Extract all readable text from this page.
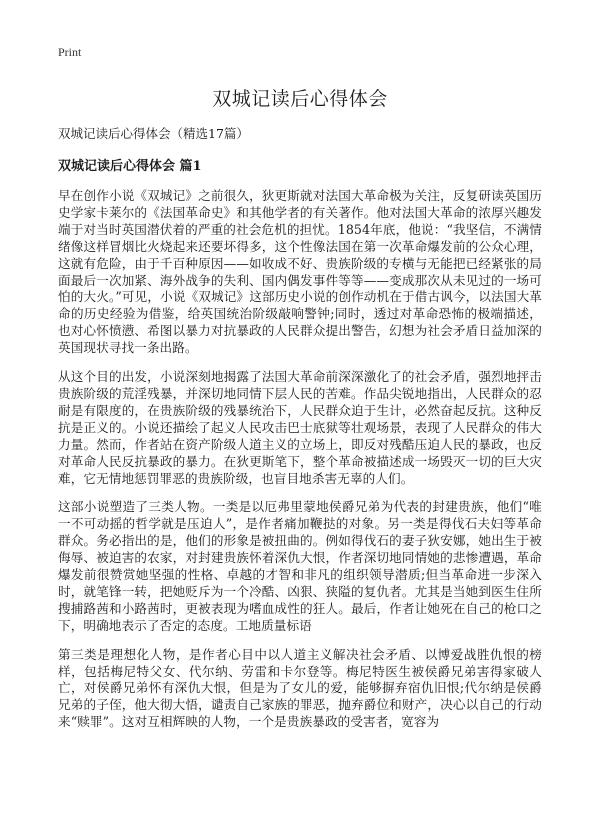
Print
双城记读后心得体会
双城记读后心得体会（精选17篇）
双城记读后心得体会 篇1

早在创作小说《双城记》之前很久，狄更斯就对法国大革命极为关注，反复研读英国历史学家卡莱尔的《法国革命史》和其他学者的有关著作。他对法国大革命的浓厚兴趣发端于对当时英国潜伏着的严重的社会危机的担忧。1854年底，他说：“我坚信，不满情绪像这样冒烟比火烧起来还要坏得多，这个性像法国在第一次革命爆发前的公众心理，这就有危险，由于千百种原因——如收成不好、贵族阶级的专横与无能把已经紧张的局面最后一次加紧、海外战争的失利、国内偶发事件等等——变成那次从未见过的一场可怕的大火。”可见，小说《双城记》这部历史小说的创作动机在于借古讽今，以法国大革命的历史经验为借鉴，给英国统治阶级敲响警钟;同时，透过对革命恐怖的极端描述，也对心怀愤懑、希图以暴力对抗暴政的人民群众提出警告，幻想为社会矛盾日益加深的英国现状寻找一条出路。

从这个目的出发，小说深刻地揭露了法国大革命前深深激化了的社会矛盾，强烈地抨击贵族阶级的荒淫残暴，并深切地同情下层人民的苦难。作品尖锐地指出，人民群众的忍耐是有限度的，在贵族阶级的残暴统治下，人民群众迫于生计，必然奋起反抗。这种反抗是正义的。小说还描绘了起义人民攻击巴士底狱等壮观场景，表现了人民群众的伟大力量。然而，作者站在资产阶级人道主义的立场上，即反对残酷压迫人民的暴政，也反对革命人民反抗暴政的暴力。在狄更斯笔下，整个革命被描述成一场毁灭一切的巨大灾难，它无情地惩罚罪恶的贵族阶级，也盲目地杀害无辜的人们。

这部小说塑造了三类人物。一类是以厄弗里蒙地侯爵兄弟为代表的封建贵族，他们“唯一不可动摇的哲学就是压迫人”，是作者痛加鞭挞的对象。另一类是得伐石夫妇等革命群众。务必指出的是，他们的形象是被扭曲的。例如得伐石的妻子狄安娜，她出生于被侮辱、被迫害的农家，对封建贵族怀着深仇大恨，作者深切地同情她的悲惨遭遇，革命爆发前很赞赏她坚强的性格、卓越的才智和非凡的组织领导潜质;但当革命进一步深入时，就笔锋一转，把她贬斥为一个冷酷、凶狠、狭隘的复仇者。尤其是当她到医生住所搜捕路茜和小路茜时，更被表现为嗜血成性的狂人。最后，作者让她死在自己的枪口之下，明确地表示了否定的态度。工地质量标语

第三类是理想化人物，是作者心目中以人道主义解决社会矛盾、以博爱战胜仇恨的榜样，包括梅尼特父女、代尔纳、劳雷和卡尔登等。梅尼特医生被侯爵兄弟害得家破人亡，对侯爵兄弟怀有深仇大恨，但是为了女儿的爱，能够摒弃宿仇旧恨;代尔纳是侯爵兄弟的子侄，他大彻大悟，谴责自己家族的罪恶，抛弃爵位和财产，决心以自己的行动来“赎罪”。这对互相辉映的人物，一个是贵族暴政的受害者，宽容为
